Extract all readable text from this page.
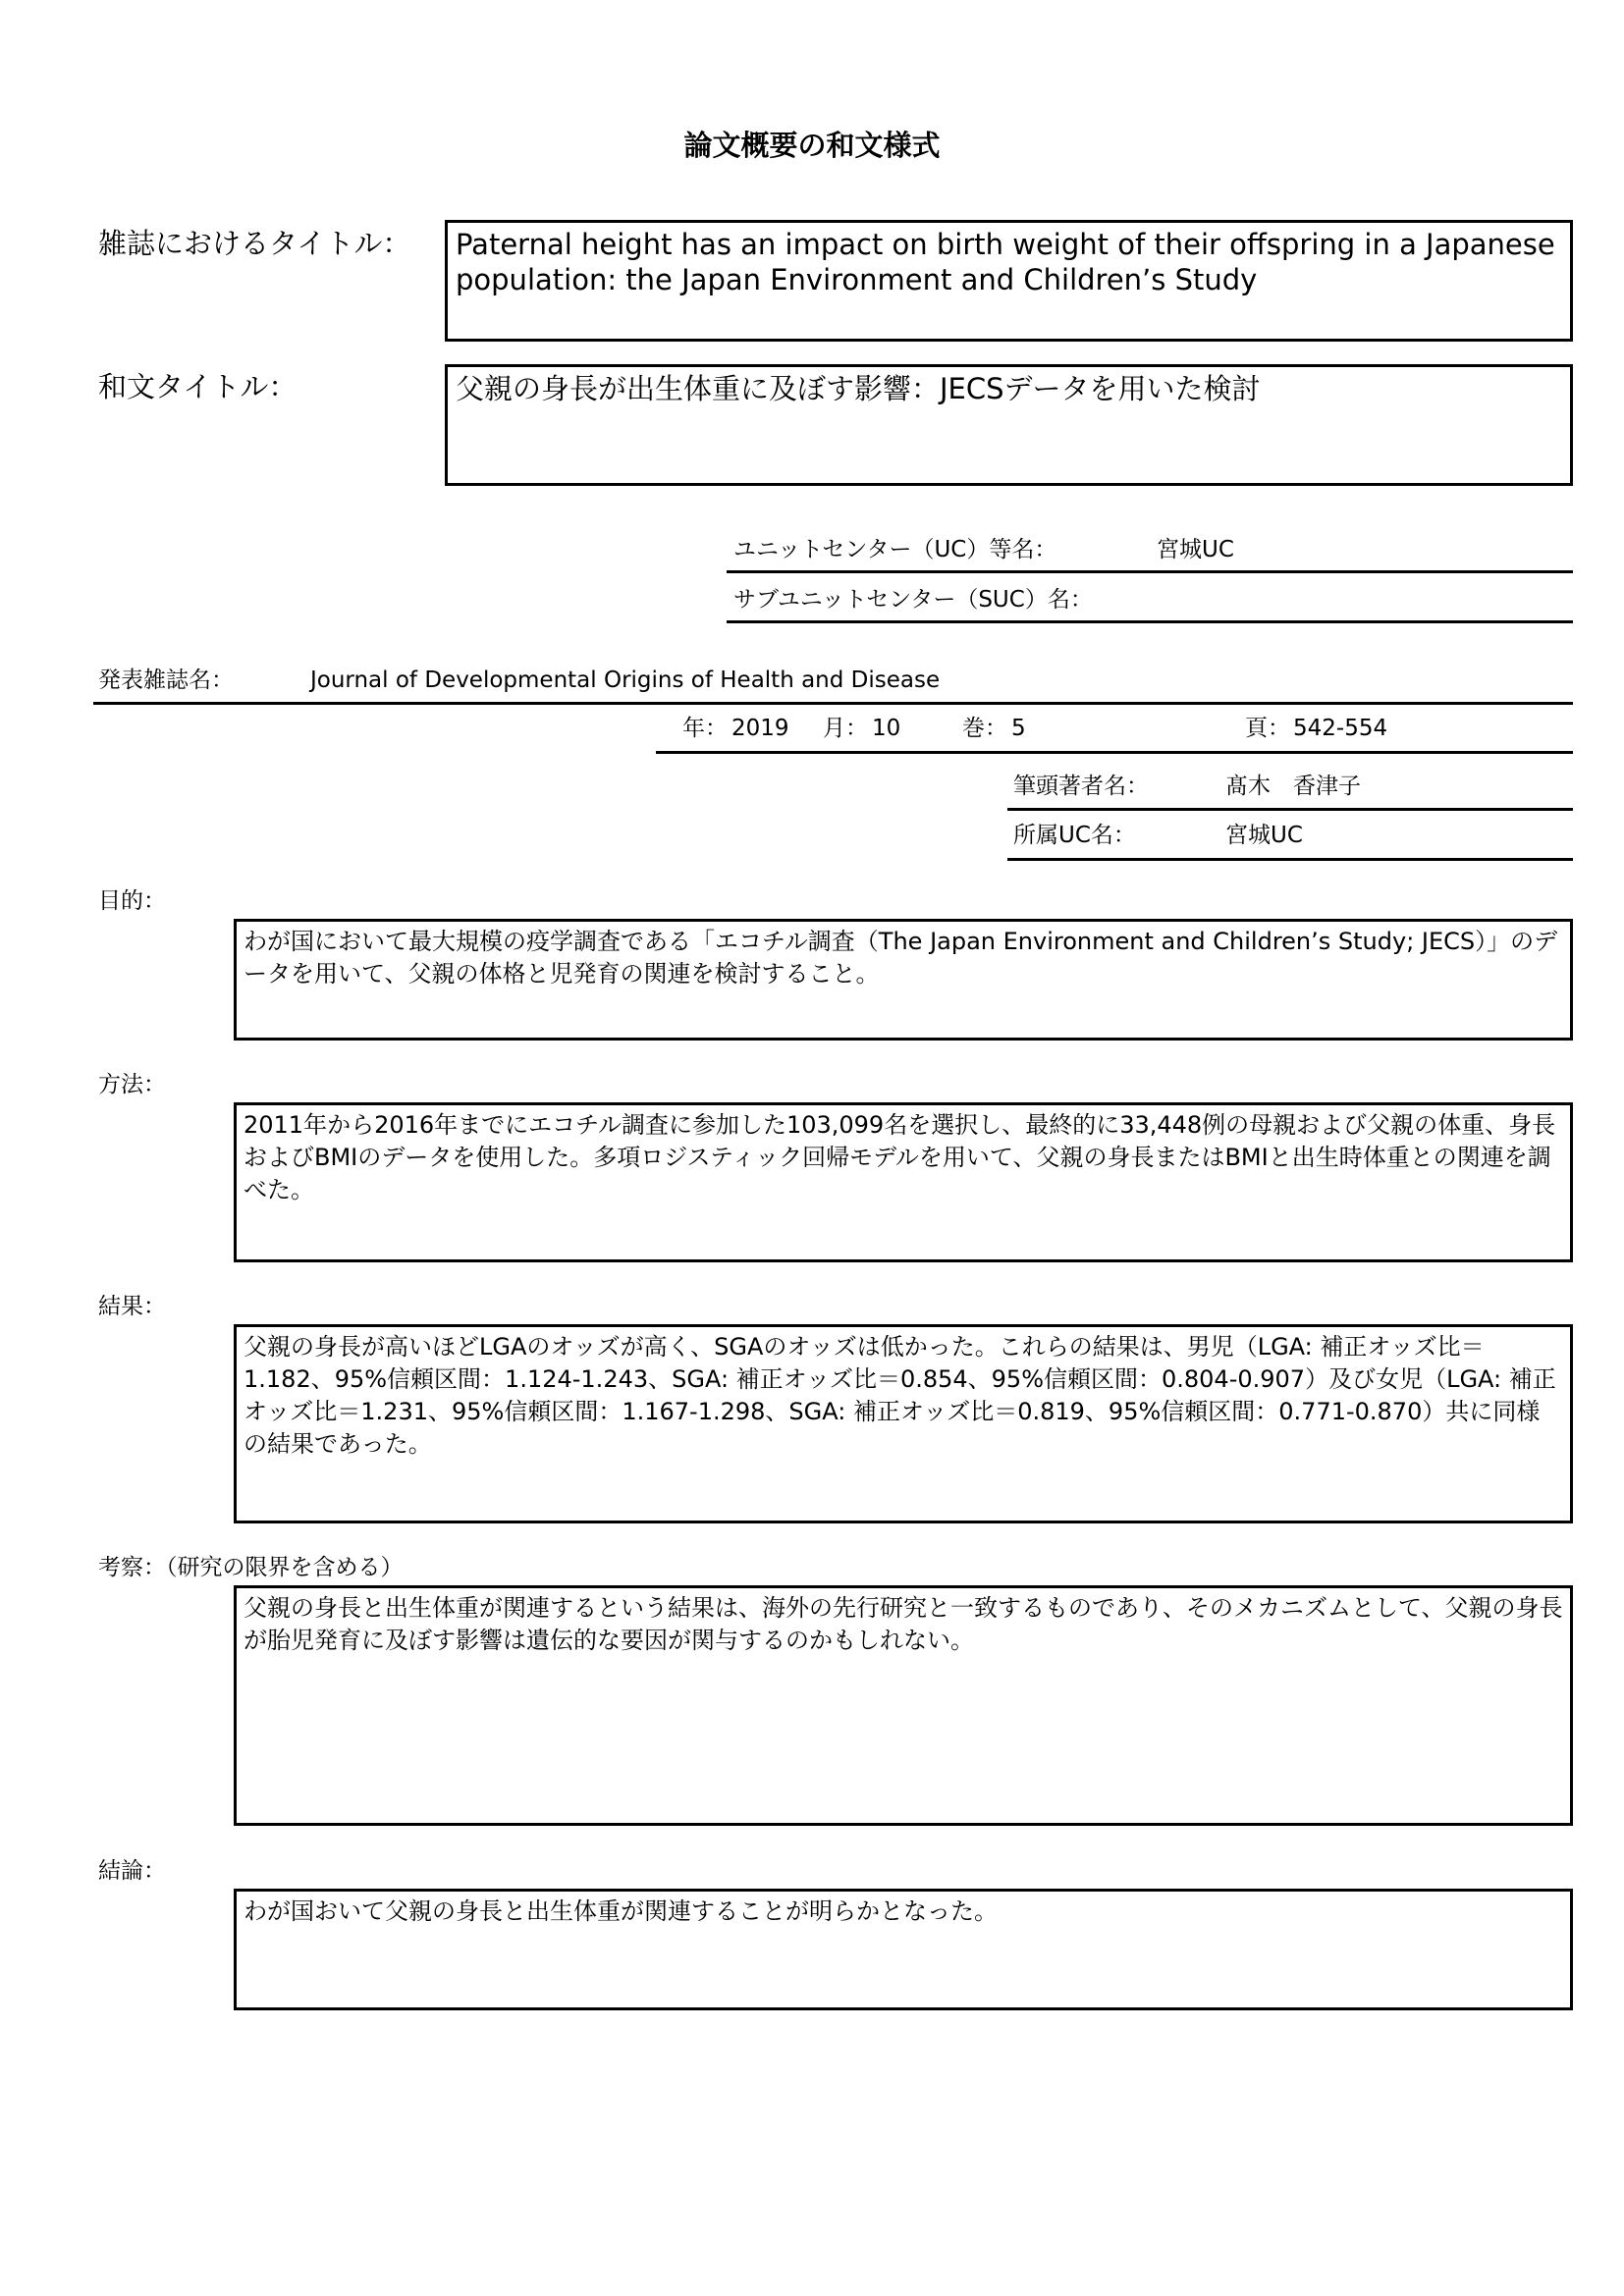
論文概要の和文様式
雑誌におけるタイトル：	Paternal height has an impact on birth weight of their offspring in a Japanese population: the Japan Environment and Children’s Study
和文タイトル：	父親の身長が出生体重に及ぼす影響：JECSデータを用いた検討
ユニットセンター（UC）等名：	宮城UC
サブユニットセンター（SUC）名：
発表雑誌名：	Journal of Developmental Origins of Health and Disease
年： 2019 月： 10	巻： 5	頁： 542-554
筆頭著者名：	髙木　香津子
所属UC名：	宮城UC
目的：
わが国において最大規模の疫学調査である「エコチル調査（The Japan Environment and Children’s Study; JECS）」のデータを用いて、父親の体格と児発育の関連を検討すること。
方法：
2011年から2016年までにエコチル調査に参加した103,099名を選択し、最終的に33,448例の母親および父親の体重、身長およびBMIのデータを使用した。多項ロジスティック回帰モデルを用いて、父親の身長またはBMIと出生時体重との関連を調べた。
結果：
父親の身長が高いほどLGAのオッズが高く、SGAのオッズは低かった。これらの結果は、男児（LGA: 補正オッズ比＝1.182、95%信頼区間：1.124-1.243、SGA: 補正オッズ比＝0.854、95%信頼区間：0.804-0.907）及び女児（LGA: 補正オッズ比＝1.231、95%信頼区間：1.167-1.298、SGA: 補正オッズ比＝0.819、95%信頼区間：0.771-0.870）共に同様の結果であった。
考察：（研究の限界を含める）
父親の身長と出生体重が関連するという結果は、海外の先行研究と一致するものであり、そのメカニズムとして、父親の身長が胎児発育に及ぼす影響は遺伝的な要因が関与するのかもしれない。
結論：
わが国おいて父親の身長と出生体重が関連することが明らかとなった。
